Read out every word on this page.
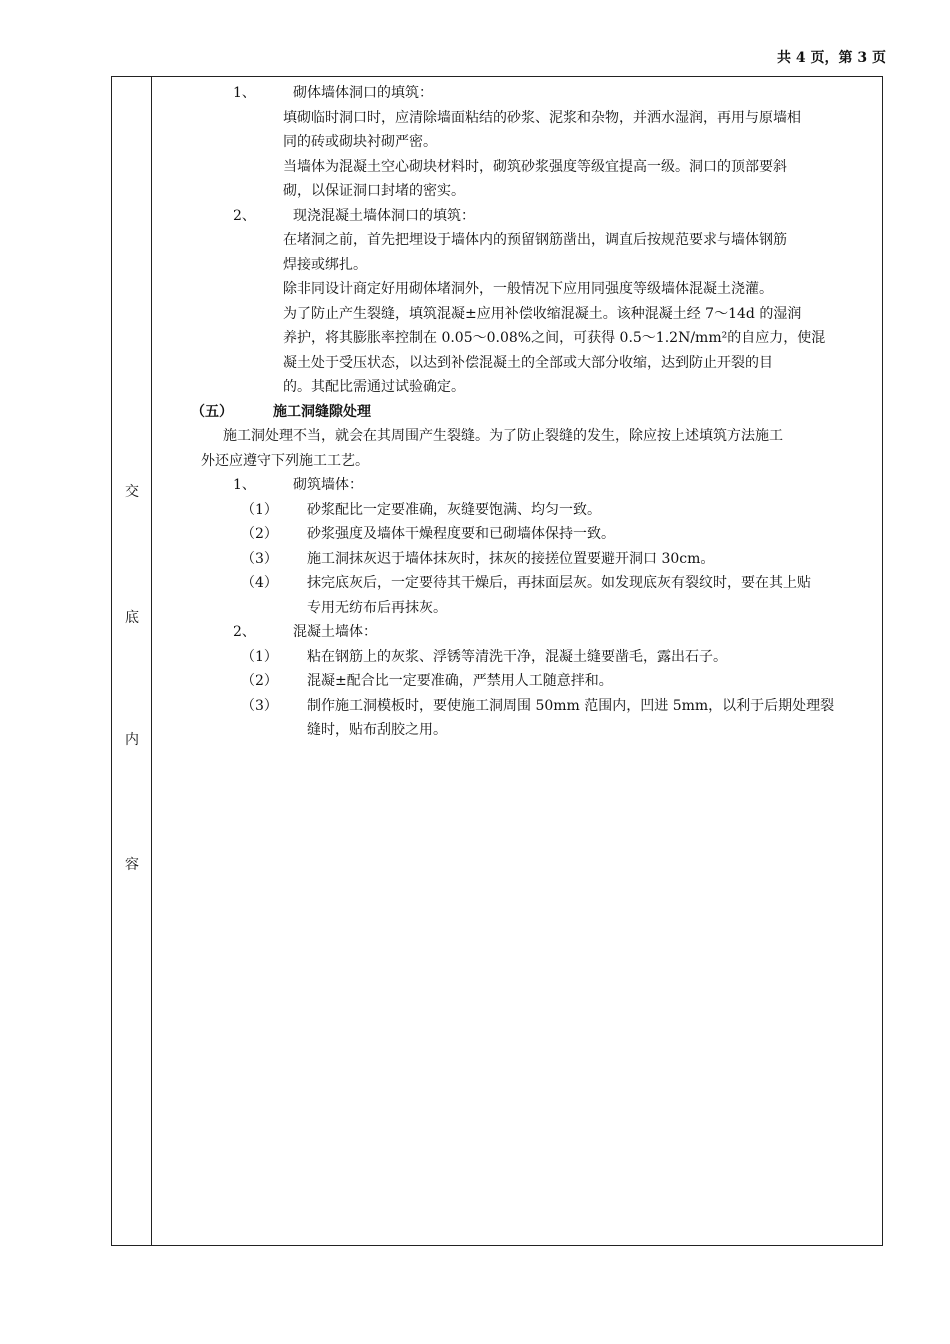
共 4 页，第 3 页
交
底
内
容
1、	砌体墙体洞口的填筑：
填砌临时洞口时，应清除墙面粘结的砂浆、泥浆和杂物，并洒水湿润，再用与原墙相
同的砖或砌块衬砌严密。
当墙体为混凝土空心砌块材料时，砌筑砂浆强度等级宜提高一级。洞口的顶部要斜
砌，以保证洞口封堵的密实。
2、	现浇混凝土墙体洞口的填筑：
在堵洞之前，首先把埋设于墙体内的预留钢筋凿出，调直后按规范要求与墙体钢筋
焊接或绑扎。
除非同设计商定好用砌体堵洞外，一般情况下应用同强度等级墙体混凝土浇灌。
为了防止产生裂缝，填筑混凝±应用补偿收缩混凝土。该种混凝土经 7～14d 的湿润
养护，将其膨胀率控制在 0.05～0.08%之间，可获得 0.5～1.2N/mm²的自应力，使混
凝土处于受压状态，以达到补偿混凝土的全部或大部分收缩，达到防止开裂的目
的。其配比需通过试验确定。
（五）	施工洞缝隙处理
施工洞处理不当，就会在其周围产生裂缝。为了防止裂缝的发生，除应按上述填筑方法施工
外还应遵守下列施工工艺。
1、	砌筑墙体：
（1）	砂浆配比一定要准确，灰缝要饱满、均匀一致。
（2）	砂浆强度及墙体干燥程度要和已砌墙体保持一致。
（3）	施工洞抹灰迟于墙体抹灰时，抹灰的接搓位置要避开洞口 30cm。
（4）	抹完底灰后，一定要待其干燥后，再抹面层灰。如发现底灰有裂纹时，要在其上贴
专用无纺布后再抹灰。
2、	混凝土墙体：
（1）	粘在钢筋上的灰浆、浮锈等清洗干净，混凝土缝要凿毛，露出石子。
（2）	混凝±配合比一定要准确，严禁用人工随意拌和。
（3）	制作施工洞模板时，要使施工洞周围 50mm 范围内，凹进 5mm，以利于后期处理裂
缝时，贴布刮胶之用。
